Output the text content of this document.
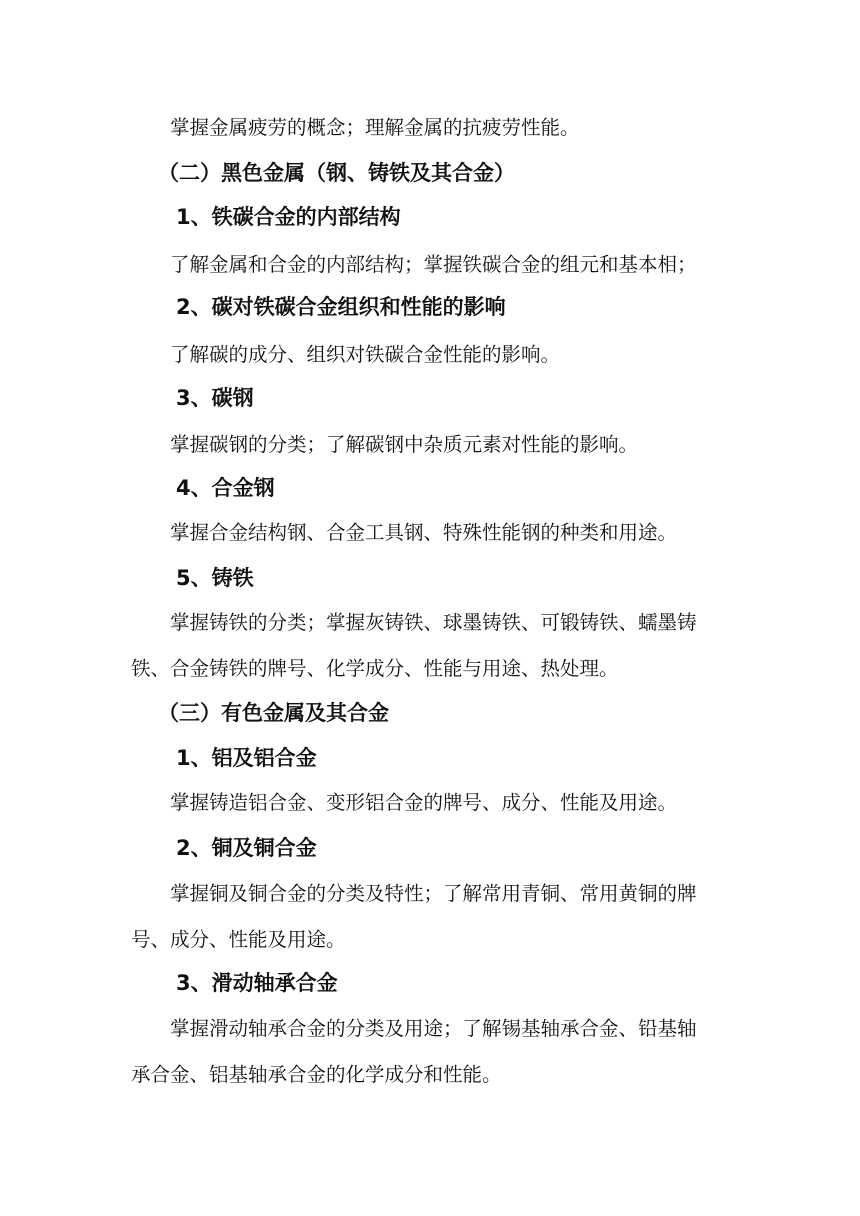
掌握金属疲劳的概念；理解金属的抗疲劳性能。
（二）黑色金属（钢、铸铁及其合金）
1、铁碳合金的内部结构
了解金属和合金的内部结构；掌握铁碳合金的组元和基本相；
2、碳对铁碳合金组织和性能的影响
了解碳的成分、组织对铁碳合金性能的影响。
3、碳钢
掌握碳钢的分类；了解碳钢中杂质元素对性能的影响。
4、合金钢
掌握合金结构钢、合金工具钢、特殊性能钢的种类和用途。
5、铸铁
掌握铸铁的分类；掌握灰铸铁、球墨铸铁、可锻铸铁、蠕墨铸
铁、合金铸铁的牌号、化学成分、性能与用途、热处理。
（三）有色金属及其合金
1、铝及铝合金
掌握铸造铝合金、变形铝合金的牌号、成分、性能及用途。
2、铜及铜合金
掌握铜及铜合金的分类及特性；了解常用青铜、常用黄铜的牌
号、成分、性能及用途。
3、滑动轴承合金
掌握滑动轴承合金的分类及用途；了解锡基轴承合金、铅基轴
承合金、铝基轴承合金的化学成分和性能。
